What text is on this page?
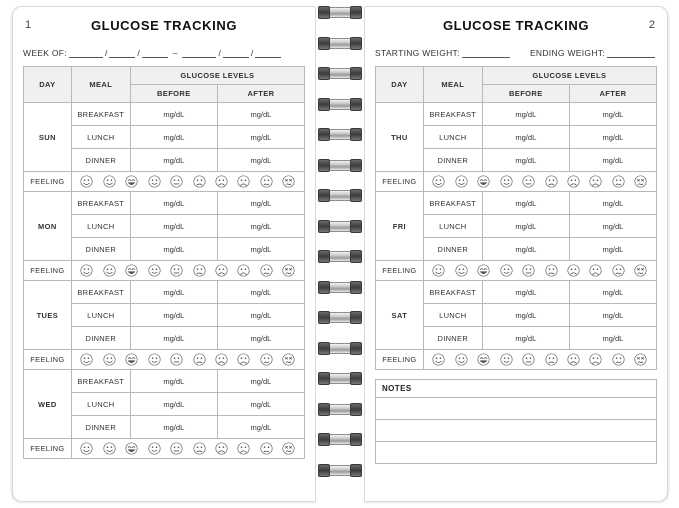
1	GLUCOSE TRACKING
WEEK OF:	/	/	–	/	/
DAY	MEAL	GLUCOSE LEVELS	
		BEFORE	AFTER
SUN	BREAKFAST	mg/dL	mg/dL
	LUNCH	mg/dL	mg/dL
	DINNER	mg/dL	mg/dL
FEELING	

MON	BREAKFAST	mg/dL	mg/dL
	LUNCH	mg/dL	mg/dL
	DINNER	mg/dL	mg/dL
FEELING	

TUES	BREAKFAST	mg/dL	mg/dL
	LUNCH	mg/dL	mg/dL
	DINNER	mg/dL	mg/dL
FEELING	

WED	BREAKFAST	mg/dL	mg/dL
	LUNCH	mg/dL	mg/dL
	DINNER	mg/dL	mg/dL
FEELING	
2
GLUCOSE TRACKING
STARTING WEIGHT:	ENDING WEIGHT:
DAY	MEAL	GLUCOSE LEVELS	
		BEFORE	AFTER
THU	BREAKFAST	mg/dL	mg/dL
	LUNCH	mg/dL	mg/dL
	DINNER	mg/dL	mg/dL
FEELING	

FRI	BREAKFAST	mg/dL	mg/dL
	LUNCH	mg/dL	mg/dL
	DINNER	mg/dL	mg/dL
FEELING	

SAT	BREAKFAST	mg/dL	mg/dL
	LUNCH	mg/dL	mg/dL
	DINNER	mg/dL	mg/dL
FEELING	
NOTES
